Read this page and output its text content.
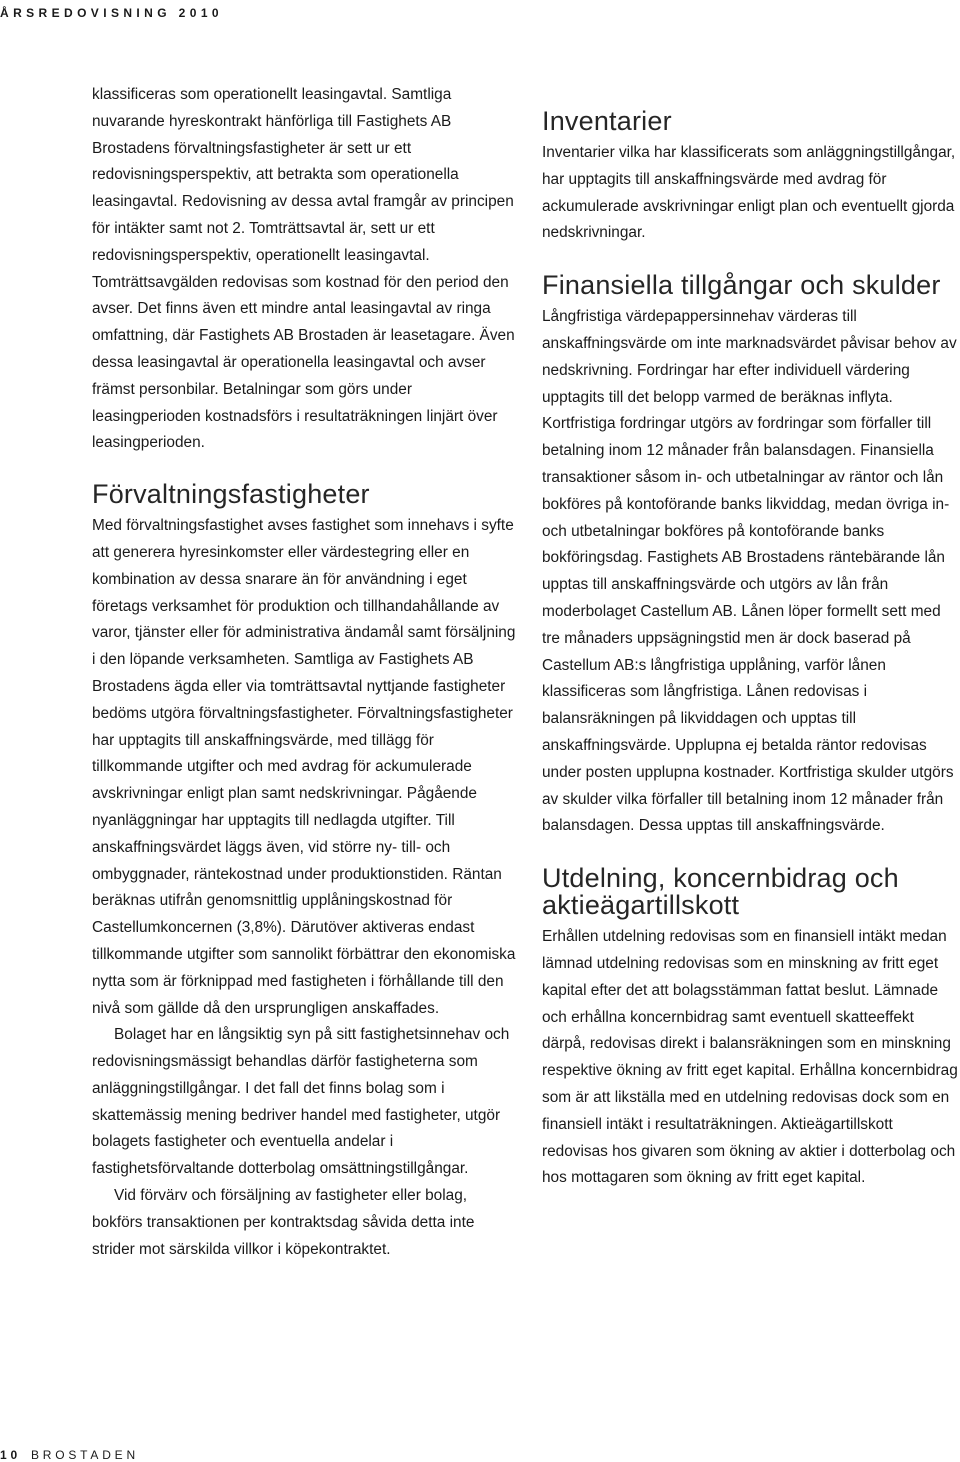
ÅRSREDOVISNING 2010

klassificeras som operationellt leasingavtal. Samtliga nuvarande hyreskontrakt hänförliga till Fastighets AB Brostadens förvaltningsfastigheter är sett ur ett redovisningsperspektiv, att betrakta som operationella leasingavtal. Redovisning av dessa avtal framgår av principen för intäkter samt not 2. Tomträttsavtal är, sett ur ett redovisningsperspektiv, operationellt leasingavtal. Tomträttsavgälden redovisas som kostnad för den period den avser. Det finns även ett mindre antal leasingavtal av ringa omfattning, där Fastighets AB Brostaden är leasetagare. Även dessa leasingavtal är operationella leasingavtal och avser främst personbilar. Betalningar som görs under leasingperioden kostnadsförs i resultaträkningen linjärt över leasingperioden.

Förvaltningsfastigheter

Med förvaltningsfastighet avses fastighet som innehavs i syfte att generera hyresinkomster eller värdestegring eller en kombination av dessa snarare än för användning i eget företags verksamhet för produktion och tillhandahållande av varor, tjänster eller för administrativa ändamål samt försäljning i den löpande verksamheten. Samtliga av Fastighets AB Brostadens ägda eller via tomträttsavtal nyttjande fastigheter bedöms utgöra förvaltningsfastigheter. Förvaltningsfastigheter har upptagits till anskaffningsvärde, med tillägg för tillkommande utgifter och med avdrag för ackumulerade avskrivningar enligt plan samt nedskrivningar. Pågående nyanläggningar har upptagits till nedlagda utgifter. Till anskaffningsvärdet läggs även, vid större ny- till- och ombyggnader, räntekostnad under produktionstiden. Räntan beräknas utifrån genomsnittlig upplåningskostnad för Castellumkoncernen (3,8%). Därutöver aktiveras endast tillkommande utgifter som sannolikt förbättrar den ekonomiska nytta som är förknippad med fastigheten i förhållande till den nivå som gällde då den ursprungligen anskaffades.

Bolaget har en långsiktig syn på sitt fastighetsinnehav och redovisningsmässigt behandlas därför fastigheterna som anläggningstillgångar. I det fall det finns bolag som i skattemässig mening bedriver handel med fastigheter, utgör bolagets fastigheter och eventuella andelar i fastighetsförvaltande dotterbolag omsättningstillgångar.

Vid förvärv och försäljning av fastigheter eller bolag, bokförs transaktionen per kontraktsdag såvida detta inte strider mot särskilda villkor i köpekontraktet.

Inventarier

Inventarier vilka har klassificerats som anläggningstillgångar, har upptagits till anskaffningsvärde med avdrag för ackumulerade avskrivningar enligt plan och eventuellt gjorda nedskrivningar.

Finansiella tillgångar och skulder

Långfristiga värdepappersinnehav värderas till anskaffningsvärde om inte marknadsvärdet påvisar behov av nedskrivning. Fordringar har efter individuell värdering upptagits till det belopp varmed de beräknas inflyta. Kortfristiga fordringar utgörs av fordringar som förfaller till betalning inom 12 månader från balansdagen. Finansiella transaktioner såsom in- och utbetalningar av räntor och lån bokföres på kontoförande banks likviddag, medan övriga in- och utbetalningar bokföres på kontoförande banks bokföringsdag. Fastighets AB Brostadens räntebärande lån upptas till anskaffningsvärde och utgörs av lån från moderbolaget Castellum AB. Lånen löper formellt sett med tre månaders uppsägningstid men är dock baserad på Castellum AB:s långfristiga upplåning, varför lånen klassificeras som långfristiga. Lånen redovisas i balansräkningen på likviddagen och upptas till anskaffningsvärde. Upplupna ej betalda räntor redovisas under posten upplupna kostnader. Kortfristiga skulder utgörs av skulder vilka förfaller till betalning inom 12 månader från balansdagen. Dessa upptas till anskaffningsvärde.

Utdelning, koncernbidrag och aktieägartillskott

Erhållen utdelning redovisas som en finansiell intäkt medan lämnad utdelning redovisas som en minskning av fritt eget kapital efter det att bolagsstämman fattat beslut. Lämnade och erhållna koncernbidrag samt eventuell skatteeffekt därpå, redovisas direkt i balansräkningen som en minskning respektive ökning av fritt eget kapital. Erhållna koncernbidrag som är att likställa med en utdelning redovisas dock som en finansiell intäkt i resultaträkningen. Aktieägartillskott redovisas hos givaren som ökning av aktier i dotterbolag och hos mottagaren som ökning av fritt eget kapital.

10 BROSTADEN
